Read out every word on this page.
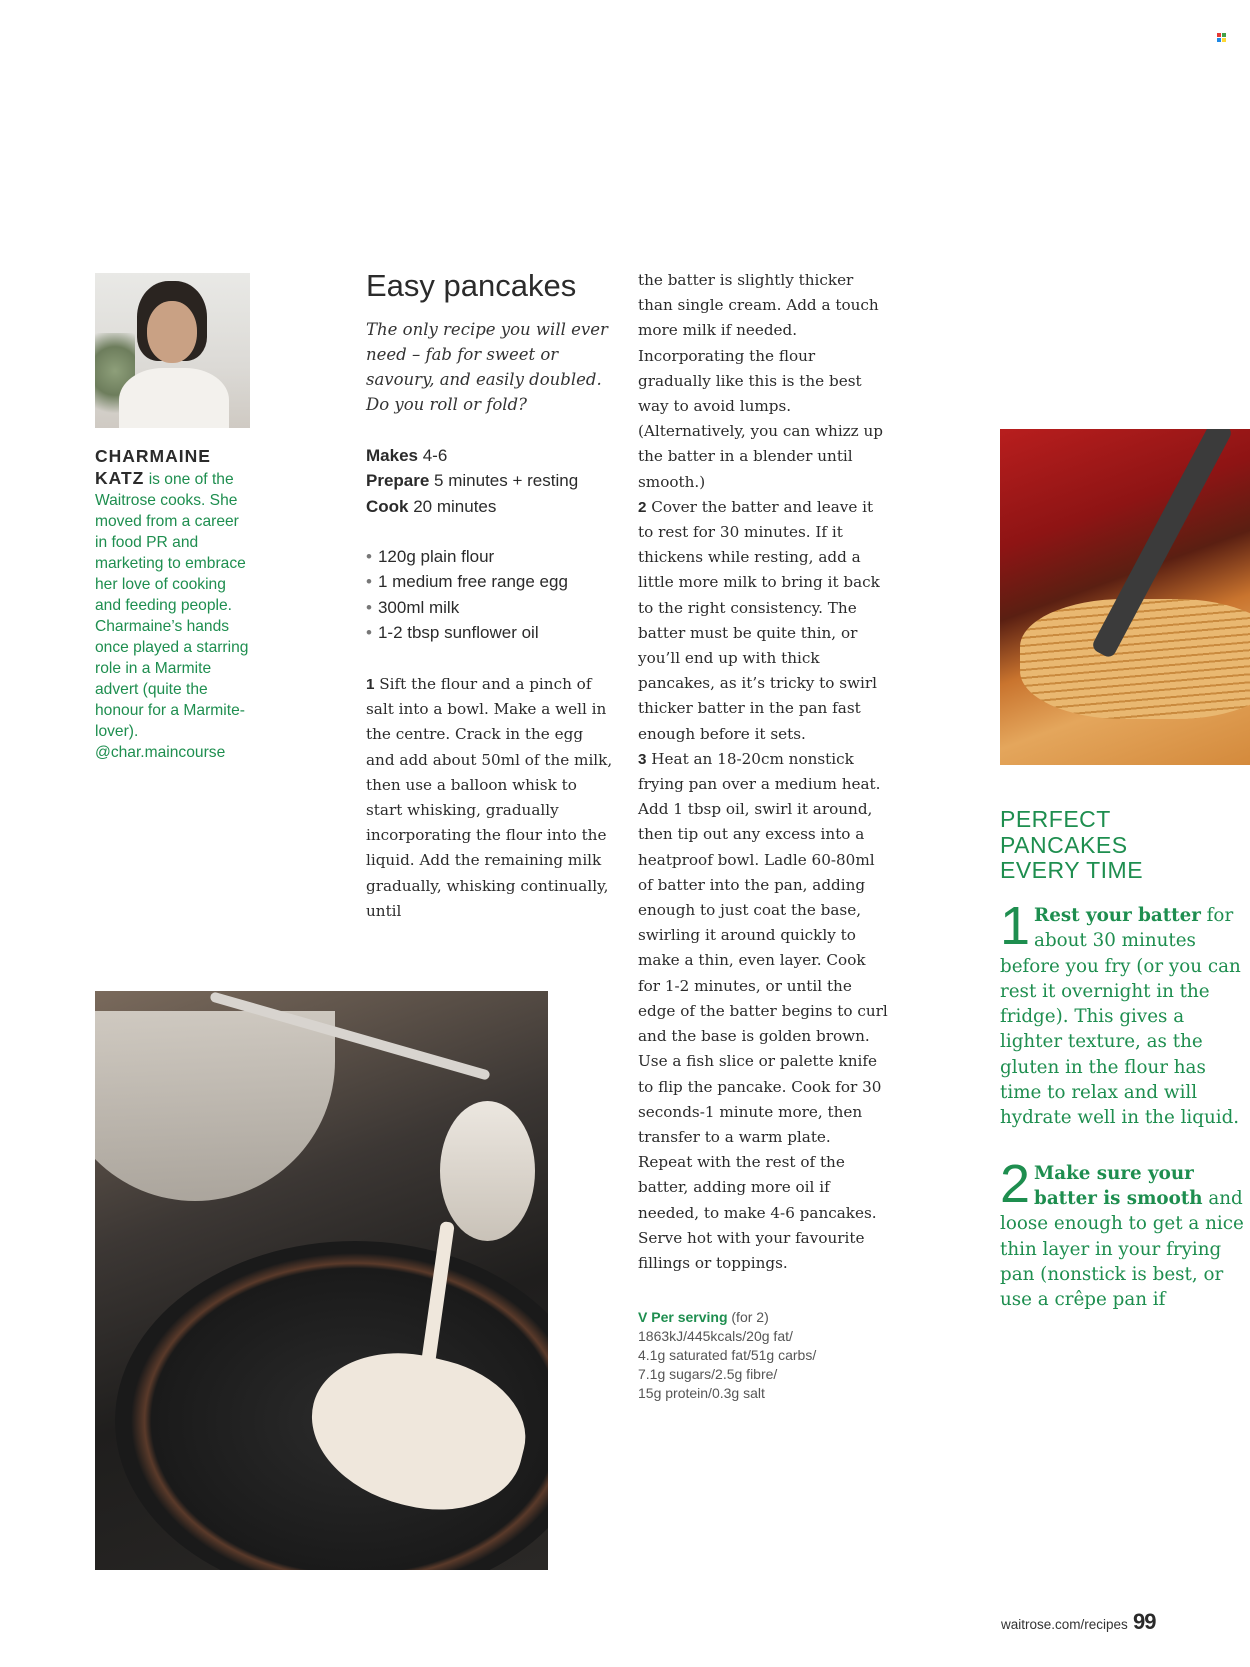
CHARMAINE
KATZ is one of the Waitrose cooks. She moved from a career in food PR and marketing to embrace her love of cooking and feeding people. Charmaine’s hands once played a starring role in a Marmite advert (quite the honour for a Marmite-lover). @char.maincourse
Easy pancakes
The only recipe you will ever need – fab for sweet or savoury, and easily doubled. Do you roll or fold?
Makes 4-6
Prepare 5 minutes + resting
Cook 20 minutes
• 120g plain flour
• 1 medium free range egg
• 300ml milk
• 1-2 tbsp sunflower oil
1 Sift the flour and a pinch of salt into a bowl. Make a well in the centre. Crack in the egg and add about 50ml of the milk, then use a balloon whisk to start whisking, gradually incorporating the flour into the liquid. Add the remaining milk gradually, whisking continually, until
the batter is slightly thicker than single cream. Add a touch more milk if needed. Incorporating the flour gradually like this is the best way to avoid lumps. (Alternatively, you can whizz up the batter in a blender until smooth.)
2 Cover the batter and leave it to rest for 30 minutes. If it thickens while resting, add a little more milk to bring it back to the right consistency. The batter must be quite thin, or you’ll end up with thick pancakes, as it’s tricky to swirl thicker batter in the pan fast enough before it sets.
3 Heat an 18-20cm nonstick frying pan over a medium heat. Add 1 tbsp oil, swirl it around, then tip out any excess into a heatproof bowl. Ladle 60-80ml of batter into the pan, adding enough to just coat the base, swirling it around quickly to make a thin, even layer. Cook for 1-2 minutes, or until the edge of the batter begins to curl and the base is golden brown. Use a fish slice or palette knife to flip the pancake. Cook for 30 seconds-1 minute more, then transfer to a warm plate. Repeat with the rest of the batter, adding more oil if needed, to make 4-6 pancakes. Serve hot with your favourite fillings or toppings.
V Per serving (for 2)
1863kJ/445kcals/20g fat/
4.1g saturated fat/51g carbs/
7.1g sugars/2.5g fibre/
15g protein/0.3g salt
PERFECT
PANCAKES
EVERY TIME
1 Rest your batter for about 30 minutes before you fry (or you can rest it overnight in the fridge). This gives a lighter texture, as the gluten in the flour has time to relax and will hydrate well in the liquid.
2 Make sure your batter is smooth and loose enough to get a nice thin layer in your frying pan (nonstick is best, or use a crêpe pan if
waitrose.com/recipes 99
